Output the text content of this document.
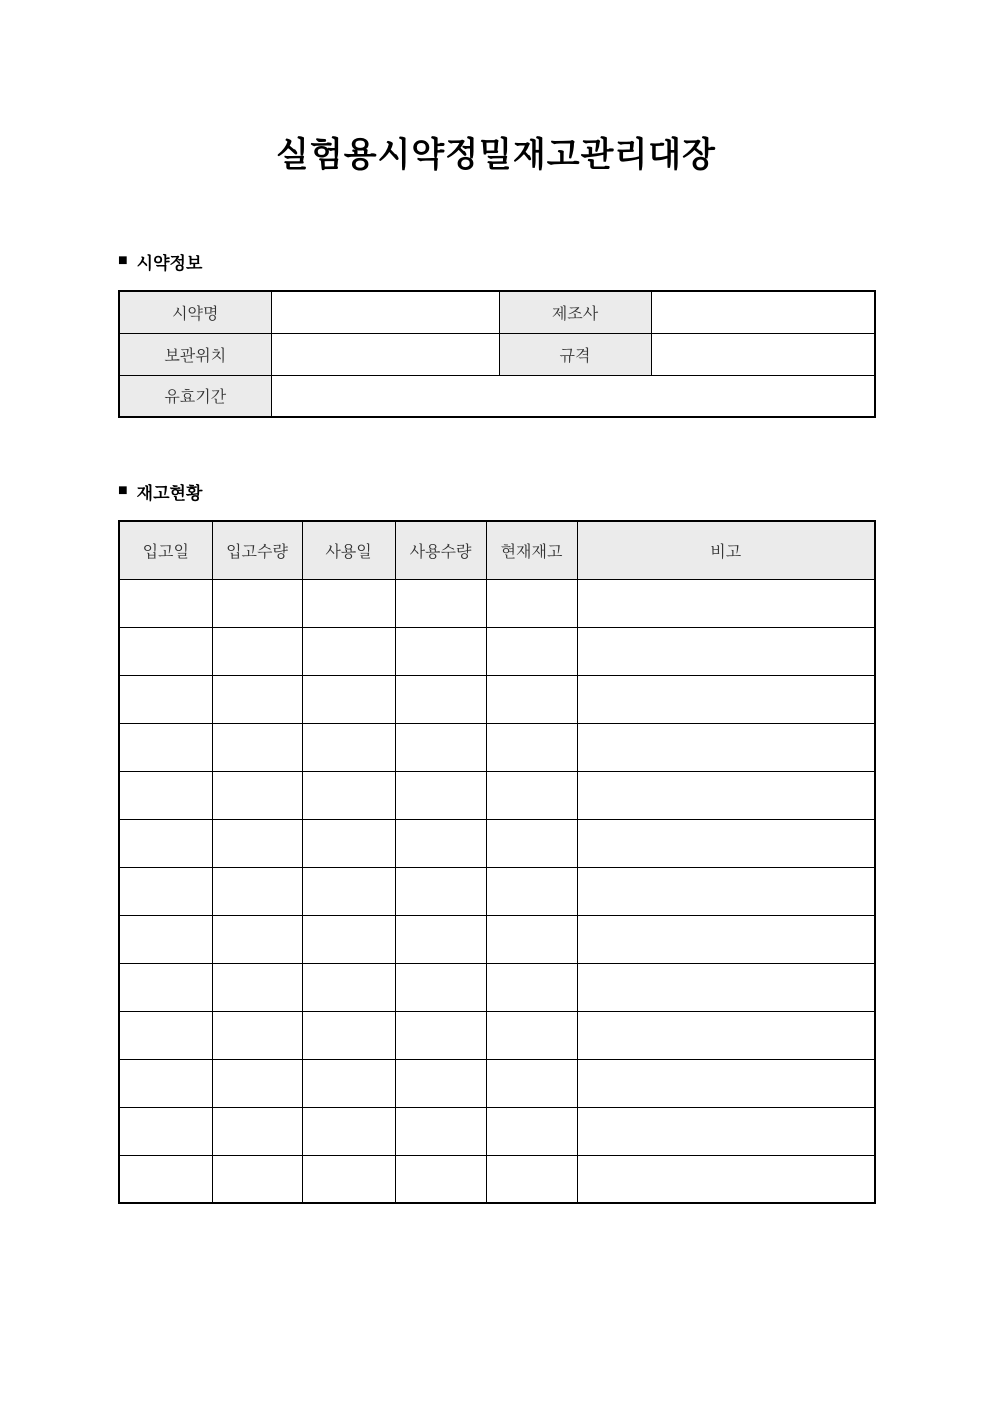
실험용시약정밀재고관리대장
■ 시약정보
시약명		제조사	
보관위치		규격	
유효기간			
■ 재고현황
입고일	입고수량	사용일	사용수량	현재재고	비고
